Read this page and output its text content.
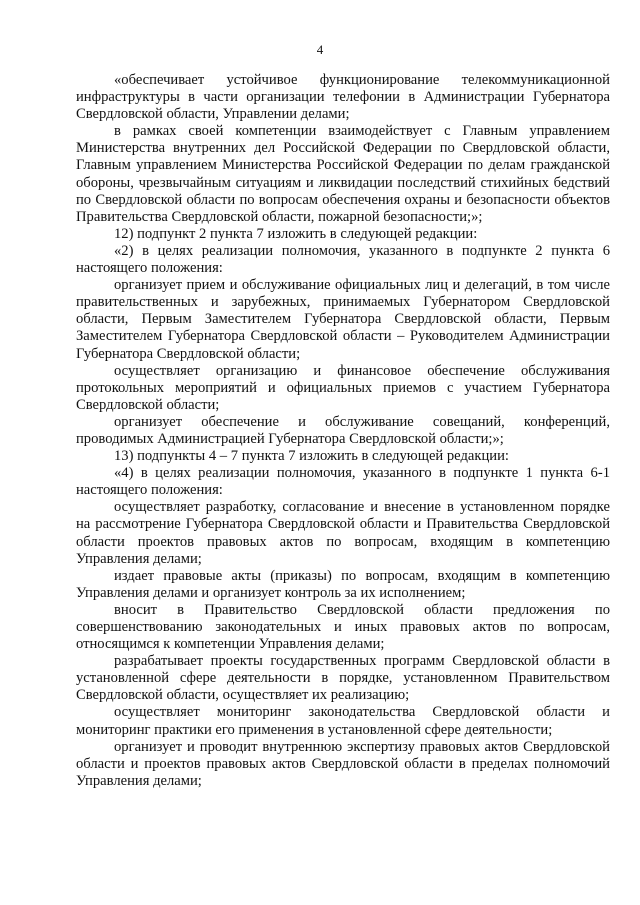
4

«обеспечивает устойчивое функционирование телекоммуникационной инфраструктуры в части организации телефонии в Администрации Губернатора Свердловской области, Управлении делами;

в рамках своей компетенции взаимодействует с Главным управлением Министерства внутренних дел Российской Федерации по Свердловской области, Главным управлением Министерства Российской Федерации по делам гражданской обороны, чрезвычайным ситуациям и ликвидации последствий стихийных бедствий по Свердловской области по вопросам обеспечения охраны и безопасности объектов Правительства Свердловской области, пожарной безопасности;»;

12) подпункт 2 пункта 7 изложить в следующей редакции:

«2) в целях реализации полномочия, указанного в подпункте 2 пункта 6 настоящего положения:

организует прием и обслуживание официальных лиц и делегаций, в том числе правительственных и зарубежных, принимаемых Губернатором Свердловской области, Первым Заместителем Губернатора Свердловской области, Первым Заместителем Губернатора Свердловской области – Руководителем Администрации Губернатора Свердловской области;

осуществляет организацию и финансовое обеспечение обслуживания протокольных мероприятий и официальных приемов с участием Губернатора Свердловской области;

организует обеспечение и обслуживание совещаний, конференций, проводимых Администрацией Губернатора Свердловской области;»;

13) подпункты 4 – 7 пункта 7 изложить в следующей редакции:

«4) в целях реализации полномочия, указанного в подпункте 1 пункта 6-1 настоящего положения:

осуществляет разработку, согласование и внесение в установленном порядке на рассмотрение Губернатора Свердловской области и Правительства Свердловской области проектов правовых актов по вопросам, входящим в компетенцию Управления делами;

издает правовые акты (приказы) по вопросам, входящим в компетенцию Управления делами и организует контроль за их исполнением;

вносит в Правительство Свердловской области предложения по совершенствованию законодательных и иных правовых актов по вопросам, относящимся к компетенции Управления делами;

разрабатывает проекты государственных программ Свердловской области в установленной сфере деятельности в порядке, установленном Правительством Свердловской области, осуществляет их реализацию;

осуществляет мониторинг законодательства Свердловской области и мониторинг практики его применения в установленной сфере деятельности;

организует и проводит внутреннюю экспертизу правовых актов Свердловской области и проектов правовых актов Свердловской области в пределах полномочий Управления делами;
